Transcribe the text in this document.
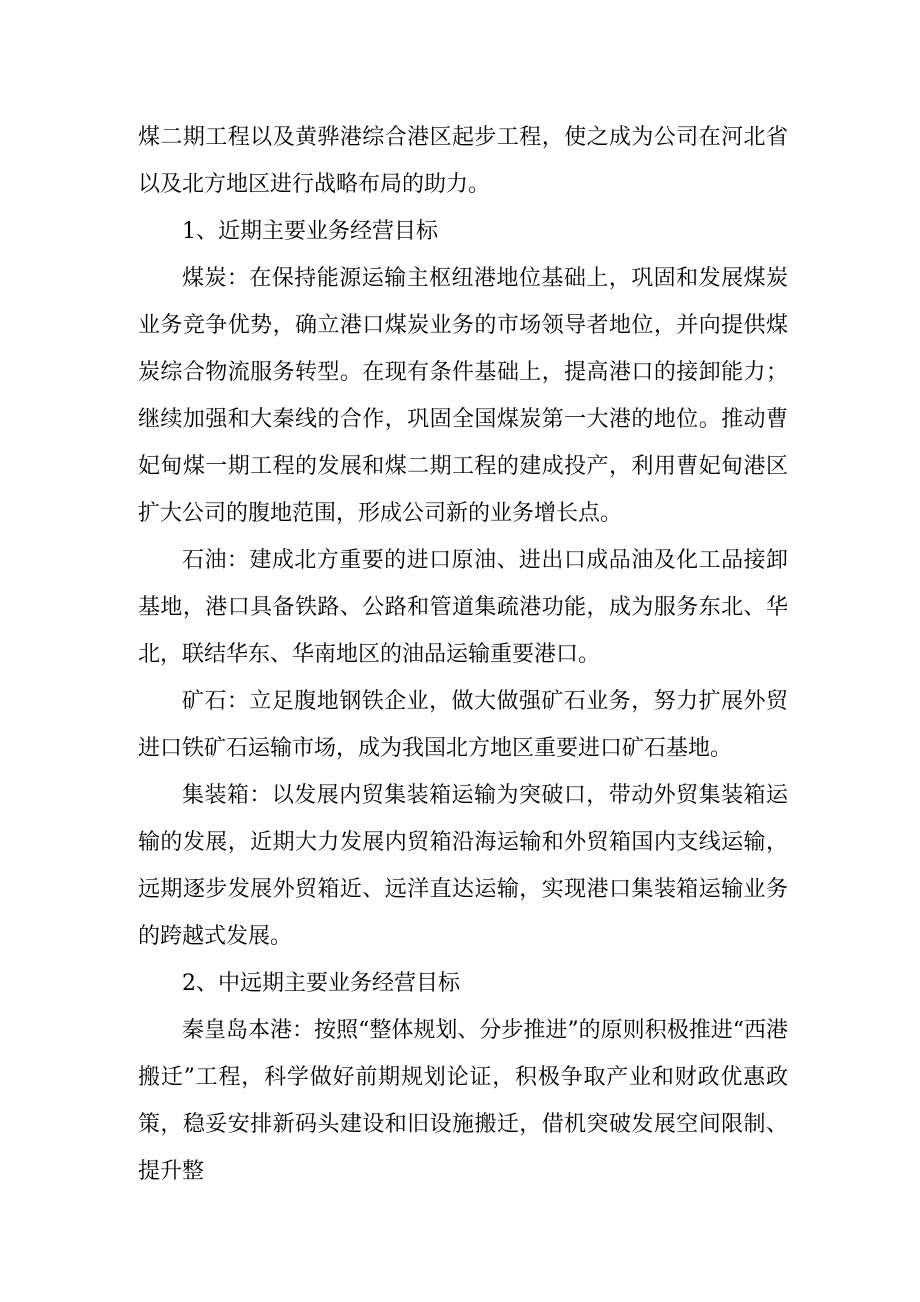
煤二期工程以及黄骅港综合港区起步工程，使之成为公司在河北省以及北方地区进行战略布局的助力。

1、近期主要业务经营目标

煤炭：在保持能源运输主枢纽港地位基础上，巩固和发展煤炭业务竞争优势，确立港口煤炭业务的市场领导者地位，并向提供煤炭综合物流服务转型。在现有条件基础上，提高港口的接卸能力；继续加强和大秦线的合作，巩固全国煤炭第一大港的地位。推动曹妃甸煤一期工程的发展和煤二期工程的建成投产，利用曹妃甸港区扩大公司的腹地范围，形成公司新的业务增长点。

石油：建成北方重要的进口原油、进出口成品油及化工品接卸基地，港口具备铁路、公路和管道集疏港功能，成为服务东北、华北，联结华东、华南地区的油品运输重要港口。

矿石：立足腹地钢铁企业，做大做强矿石业务，努力扩展外贸进口铁矿石运输市场，成为我国北方地区重要进口矿石基地。

集装箱：以发展内贸集装箱运输为突破口，带动外贸集装箱运输的发展，近期大力发展内贸箱沿海运输和外贸箱国内支线运输，远期逐步发展外贸箱近、远洋直达运输，实现港口集装箱运输业务的跨越式发展。

2、中远期主要业务经营目标

秦皇岛本港：按照“整体规划、分步推进”的原则积极推进“西港搬迁”工程，科学做好前期规划论证，积极争取产业和财政优惠政策，稳妥安排新码头建设和旧设施搬迁，借机突破发展空间限制、提升整
